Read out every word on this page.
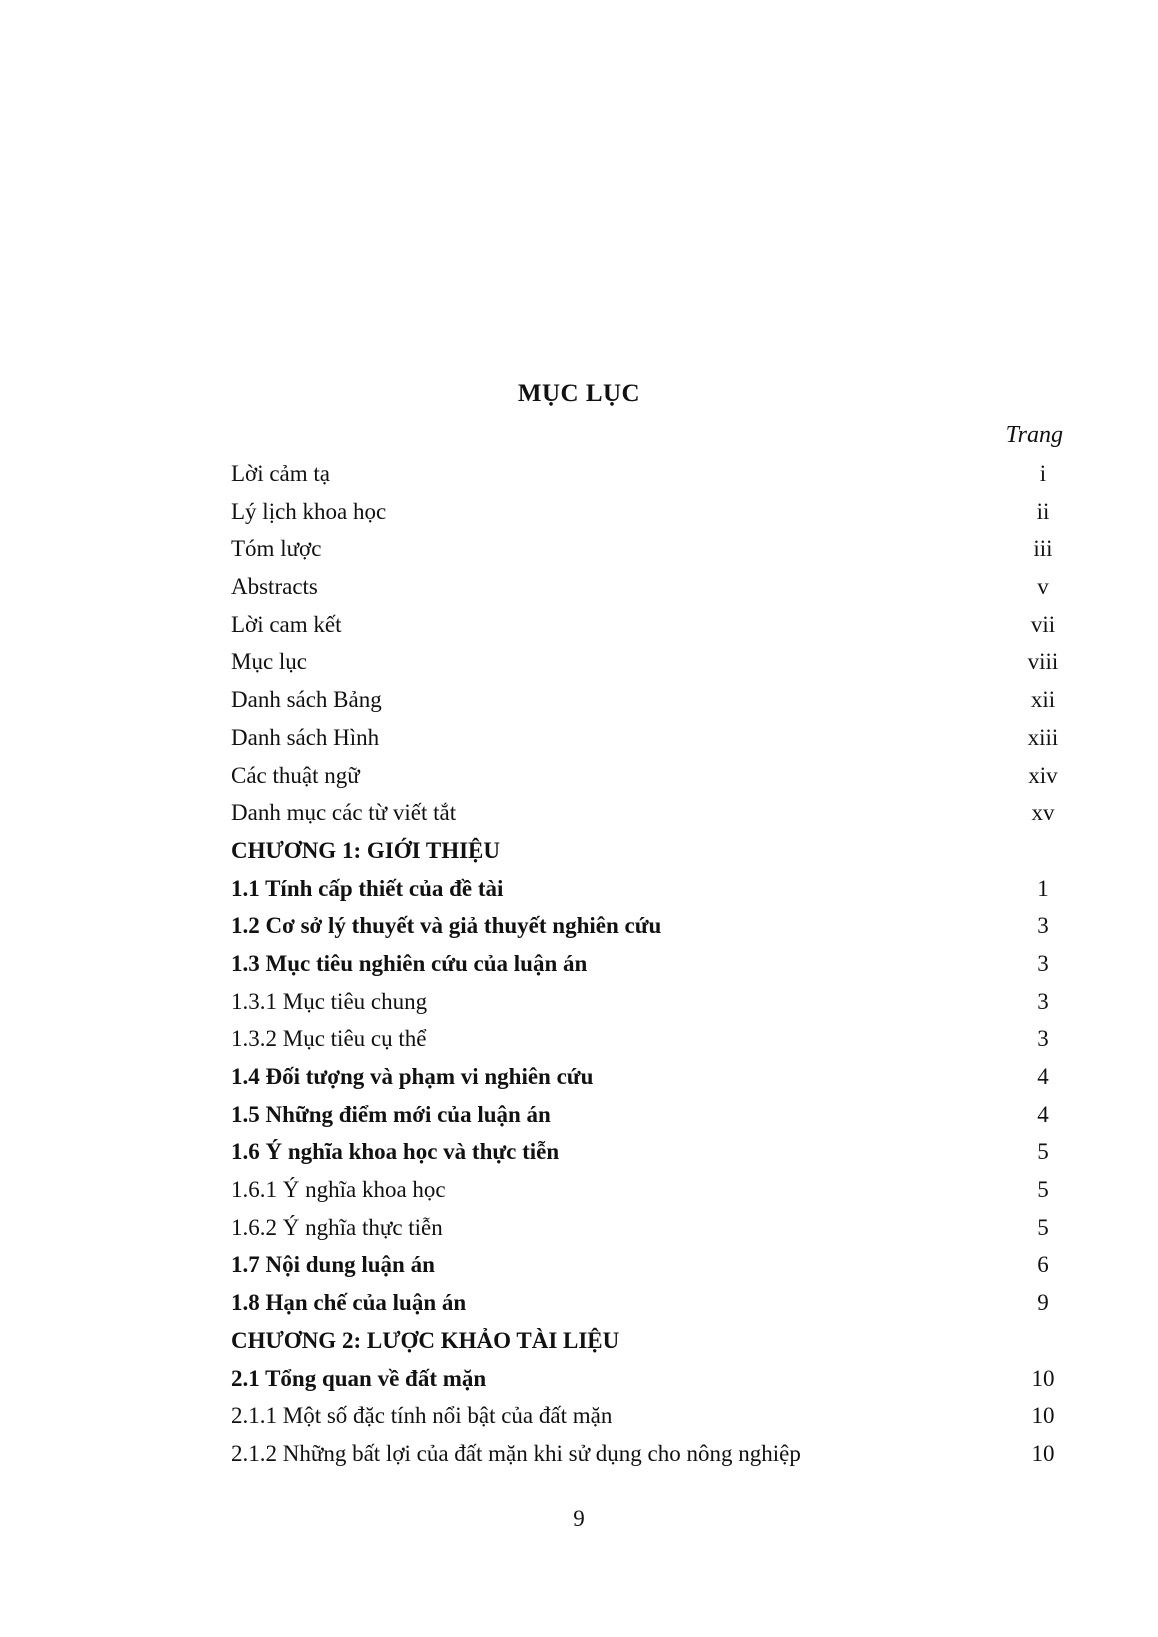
MỤC LỤC
Trang
Lời cảm tạ	i
Lý lịch khoa học	ii
Tóm lược	iii
Abstracts	v
Lời cam kết	vii
Mục lục	viii
Danh sách Bảng	xii
Danh sách Hình	xiii
Các thuật ngữ	xiv
Danh mục các từ viết tắt	xv
CHƯƠNG 1: GIỚI THIỆU
1.1 Tính cấp thiết của đề tài	1
1.2 Cơ sở lý thuyết và giả thuyết nghiên cứu	3
1.3 Mục tiêu nghiên cứu của luận án	3
1.3.1 Mục tiêu chung	3
1.3.2 Mục tiêu cụ thể	3
1.4 Đối tượng và phạm vi nghiên cứu	4
1.5 Những điểm mới của luận án	4
1.6 Ý nghĩa khoa học và thực tiễn	5
1.6.1 Ý nghĩa khoa học	5
1.6.2 Ý nghĩa thực tiễn	5
1.7 Nội dung luận án	6
1.8 Hạn chế của luận án	9
CHƯƠNG 2: LƯỢC KHẢO TÀI LIỆU
2.1 Tổng quan về đất mặn	10
2.1.1 Một số đặc tính nổi bật của đất mặn	10
2.1.2 Những bất lợi của đất mặn khi sử dụng cho nông nghiệp	10
9
